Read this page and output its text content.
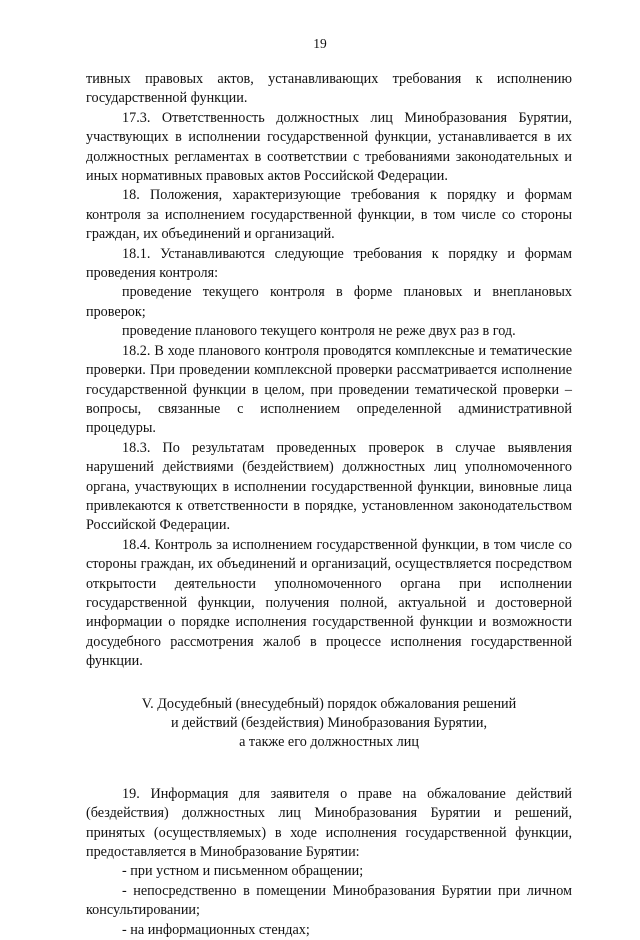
19

тивных правовых актов, устанавливающих требования к исполнению государственной функции.

17.3. Ответственность должностных лиц Минобразования Бурятии, участвующих в исполнении государственной функции, устанавливается в их должностных регламентах в соответствии с требованиями законодательных и иных нормативных правовых актов Российской Федерации.

18. Положения, характеризующие требования к порядку и формам контроля за исполнением государственной функции, в том числе со стороны граждан, их объединений и организаций.

18.1. Устанавливаются следующие требования к порядку и формам проведения контроля:

проведение текущего контроля в форме плановых и внеплановых проверок;

проведение планового текущего контроля не реже двух раз в год.

18.2. В ходе планового контроля проводятся комплексные и тематические проверки. При проведении комплексной проверки рассматривается исполнение государственной функции в целом, при проведении тематической проверки – вопросы, связанные с исполнением определенной административной процедуры.

18.3. По результатам проведенных проверок в случае выявления нарушений действиями (бездействием) должностных лиц уполномоченного органа, участвующих в исполнении государственной функции, виновные лица привлекаются к ответственности в порядке, установленном законодательством Российской Федерации.

18.4. Контроль за исполнением государственной функции, в том числе со стороны граждан, их объединений и организаций, осуществляется посредством открытости деятельности уполномоченного органа при исполнении государственной функции, получения полной, актуальной и достоверной информации о порядке исполнения государственной функции и возможности досудебного рассмотрения жалоб в процессе исполнения государственной функции.

V. Досудебный (внесудебный) порядок обжалования решений
и действий (бездействия) Минобразования Бурятии,
а также его должностных лиц

19. Информация для заявителя о праве на обжалование действий (бездействия) должностных лиц Минобразования Бурятии и решений, принятых (осуществляемых) в ходе исполнения государственной функции, предоставляется в Минобразование Бурятии:

- при устном и письменном обращении;

- непосредственно в помещении Минобразования Бурятии при личном консультировании;

- на информационных стендах;
